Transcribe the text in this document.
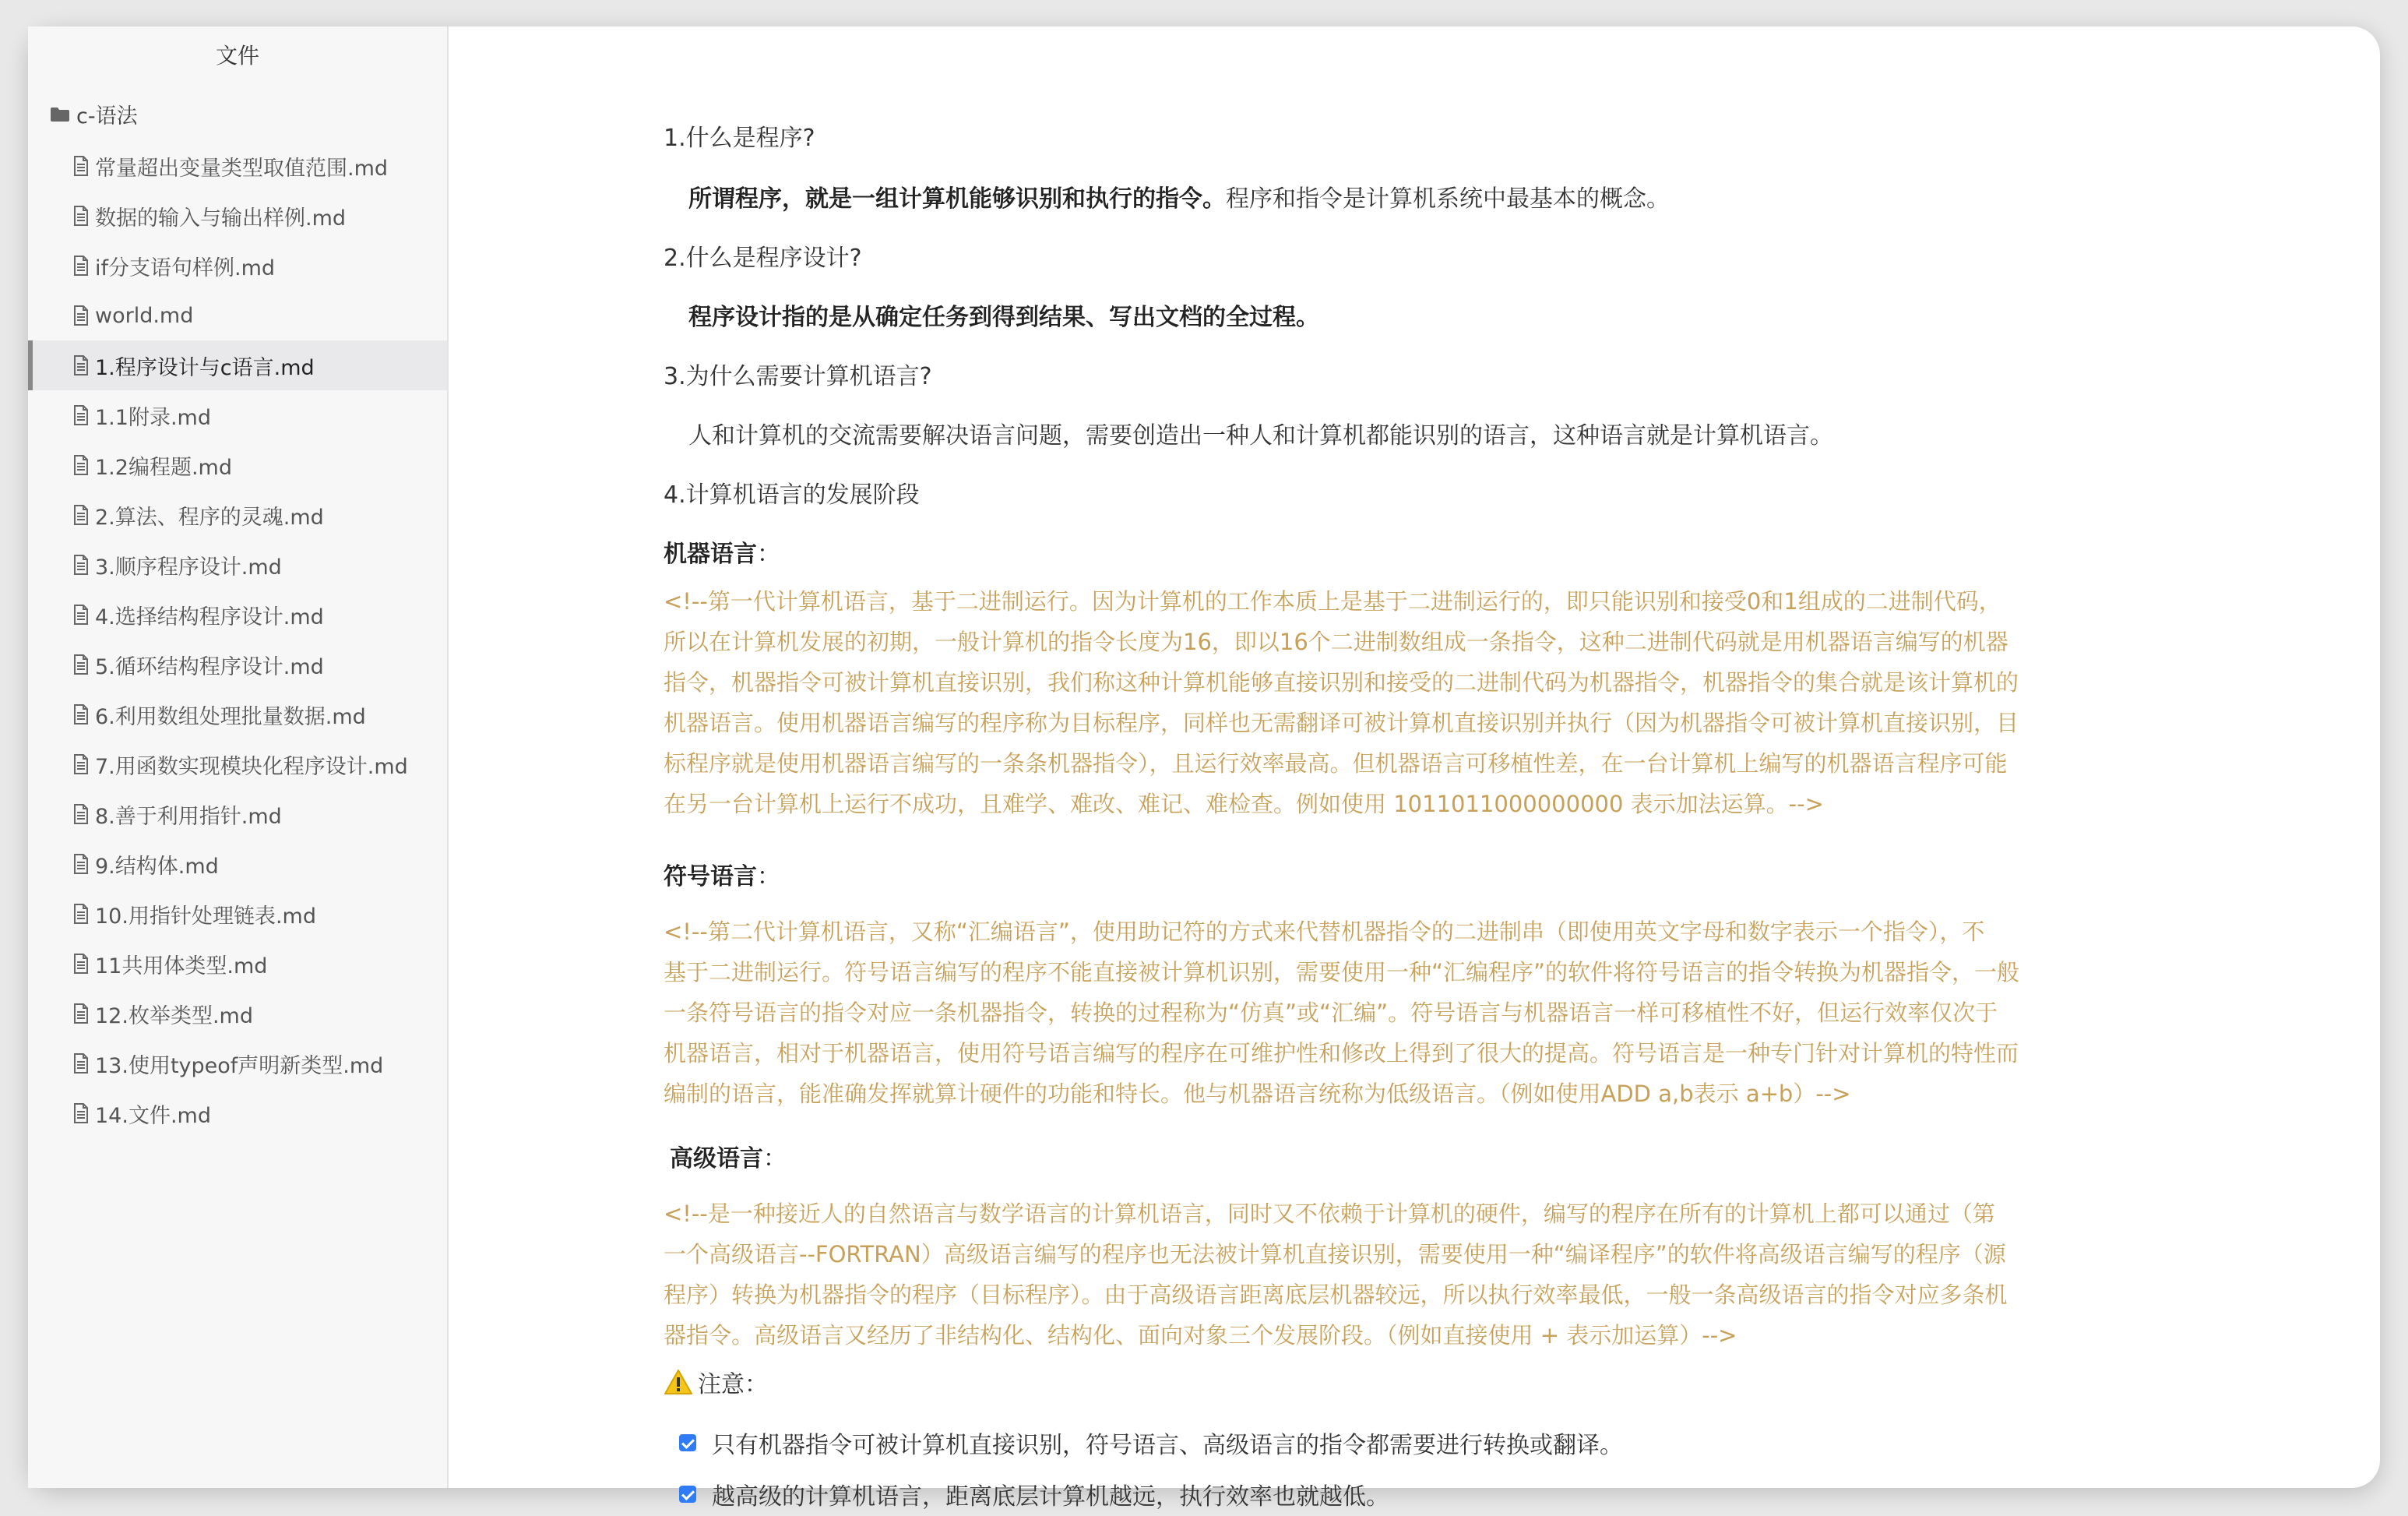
文件
c-语法
常量超出变量类型取值范围.md
数据的输入与输出样例.md
if分支语句样例.md
world.md
1.程序设计与c语言.md
1.1附录.md
1.2编程题.md
2.算法、程序的灵魂.md
3.顺序程序设计.md
4.选择结构程序设计.md
5.循环结构程序设计.md
6.利用数组处理批量数据.md
7.用函数实现模块化程序设计.md
8.善于利用指针.md
9.结构体.md
10.用指针处理链表.md
11共用体类型.md
12.枚举类型.md
13.使用typeof声明新类型.md
14.文件.md
1.什么是程序?
所谓程序，就是一组计算机能够识别和执行的指令。程序和指令是计算机系统中最基本的概念。
2.什么是程序设计?
程序设计指的是从确定任务到得到结果、写出文档的全过程。
3.为什么需要计算机语言?
人和计算机的交流需要解决语言问题，需要创造出一种人和计算机都能识别的语言，这种语言就是计算机语言。
4.计算机语言的发展阶段
机器语言：
<!--第一代计算机语言，基于二进制运行。因为计算机的工作本质上是基于二进制运行的，即只能识别和接受0和1组成的二进制代码，
所以在计算机发展的初期，一般计算机的指令长度为16，即以16个二进制数组成一条指令，这种二进制代码就是用机器语言编写的机器
指令，机器指令可被计算机直接识别，我们称这种计算机能够直接识别和接受的二进制代码为机器指令，机器指令的集合就是该计算机的
机器语言。使用机器语言编写的程序称为目标程序，同样也无需翻译可被计算机直接识别并执行（因为机器指令可被计算机直接识别，目
标程序就是使用机器语言编写的一条条机器指令），且运行效率最高。但机器语言可移植性差，在一台计算机上编写的机器语言程序可能
在另一台计算机上运行不成功，且难学、难改、难记、难检查。例如使用 1011011000000000 表示加法运算。-->
符号语言：
<!--第二代计算机语言，又称“汇编语言”，使用助记符的方式来代替机器指令的二进制串（即使用英文字母和数字表示一个指令），不
基于二进制运行。符号语言编写的程序不能直接被计算机识别，需要使用一种“汇编程序”的软件将符号语言的指令转换为机器指令，一般
一条符号语言的指令对应一条机器指令，转换的过程称为“仿真”或“汇编”。符号语言与机器语言一样可移植性不好，但运行效率仅次于
机器语言，相对于机器语言，使用符号语言编写的程序在可维护性和修改上得到了很大的提高。符号语言是一种专门针对计算机的特性而
编制的语言，能准确发挥就算计硬件的功能和特长。他与机器语言统称为低级语言。（例如使用ADD a,b表示 a+b）-->
高级语言：
<!--是一种接近人的自然语言与数学语言的计算机语言，同时又不依赖于计算机的硬件，编写的程序在所有的计算机上都可以通过（第
一个高级语言--FORTRAN）高级语言编写的程序也无法被计算机直接识别，需要使用一种“编译程序”的软件将高级语言编写的程序（源
程序）转换为机器指令的程序（目标程序）。由于高级语言距离底层机器较远，所以执行效率最低，一般一条高级语言的指令对应多条机
器指令。高级语言又经历了非结构化、结构化、面向对象三个发展阶段。（例如直接使用 + 表示加运算）-->
注意：
只有机器指令可被计算机直接识别，符号语言、高级语言的指令都需要进行转换或翻译。
越高级的计算机语言，距离底层计算机越远，执行效率也就越低。
